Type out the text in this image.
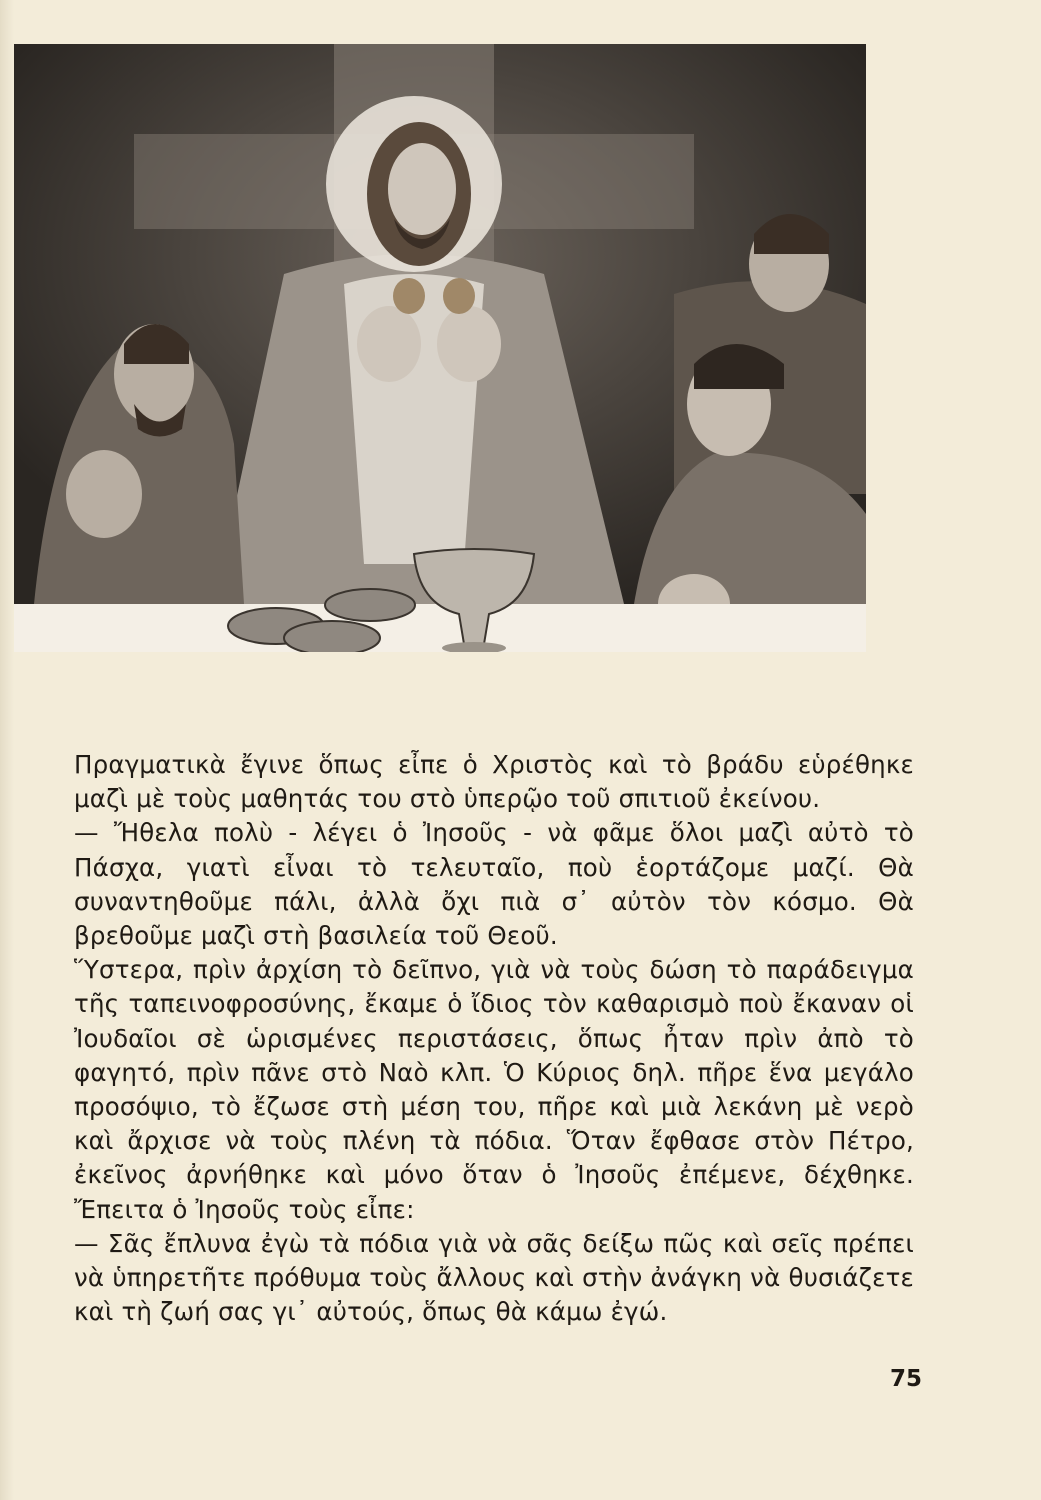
Πραγματικὰ ἔγινε ὅπως εἶπε ὁ Χριστὸς καὶ τὸ βράδυ εὑρέθηκε μαζὶ μὲ τοὺς μαθητάς του στὸ ὑπερῷο τοῦ σπιτιοῦ ἐκείνου.

— Ἤθελα πολὺ - λέγει ὁ Ἰησοῦς - νὰ φᾶμε ὅλοι μαζὶ αὐτὸ τὸ Πάσχα, γιατὶ εἶναι τὸ τελευταῖο, ποὺ ἑορτάζομε μαζί. Θὰ συναντηθοῦμε πάλι, ἀλλὰ ὄχι πιὰ σ᾽ αὐτὸν τὸν κόσμο. Θὰ βρεθοῦμε μαζὶ στὴ βασιλεία τοῦ Θεοῦ.

Ὕστερα, πρὶν ἀρχίση τὸ δεῖπνο, γιὰ νὰ τοὺς δώση τὸ παράδειγμα τῆς ταπεινοφροσύνης, ἔκαμε ὁ ἴδιος τὸν καθαρισμὸ ποὺ ἔκαναν οἱ Ἰουδαῖοι σὲ ὡρισμένες περιστάσεις, ὅπως ἦταν πρὶν ἀπὸ τὸ φαγητό, πρὶν πᾶνε στὸ Ναὸ κλπ. Ὁ Κύριος δηλ. πῆρε ἕνα μεγάλο προσόψιο, τὸ ἔζωσε στὴ μέση του, πῆρε καὶ μιὰ λεκάνη μὲ νερὸ καὶ ἄρχισε νὰ τοὺς πλένη τὰ πόδια. Ὅταν ἔφθασε στὸν Πέτρο, ἐκεῖνος ἀρνήθηκε καὶ μόνο ὅταν ὁ Ἰησοῦς ἐπέμενε, δέχθηκε. Ἔπειτα ὁ Ἰησοῦς τοὺς εἶπε:

— Σᾶς ἔπλυνα ἐγὼ τὰ πόδια γιὰ νὰ σᾶς δείξω πῶς καὶ σεῖς πρέπει νὰ ὑπηρετῆτε πρόθυμα τοὺς ἄλλους καὶ στὴν ἀνάγκη νὰ θυσιάζετε καὶ τὴ ζωή σας γι᾽ αὐτούς, ὅπως θὰ κάμω ἐγώ.

75
